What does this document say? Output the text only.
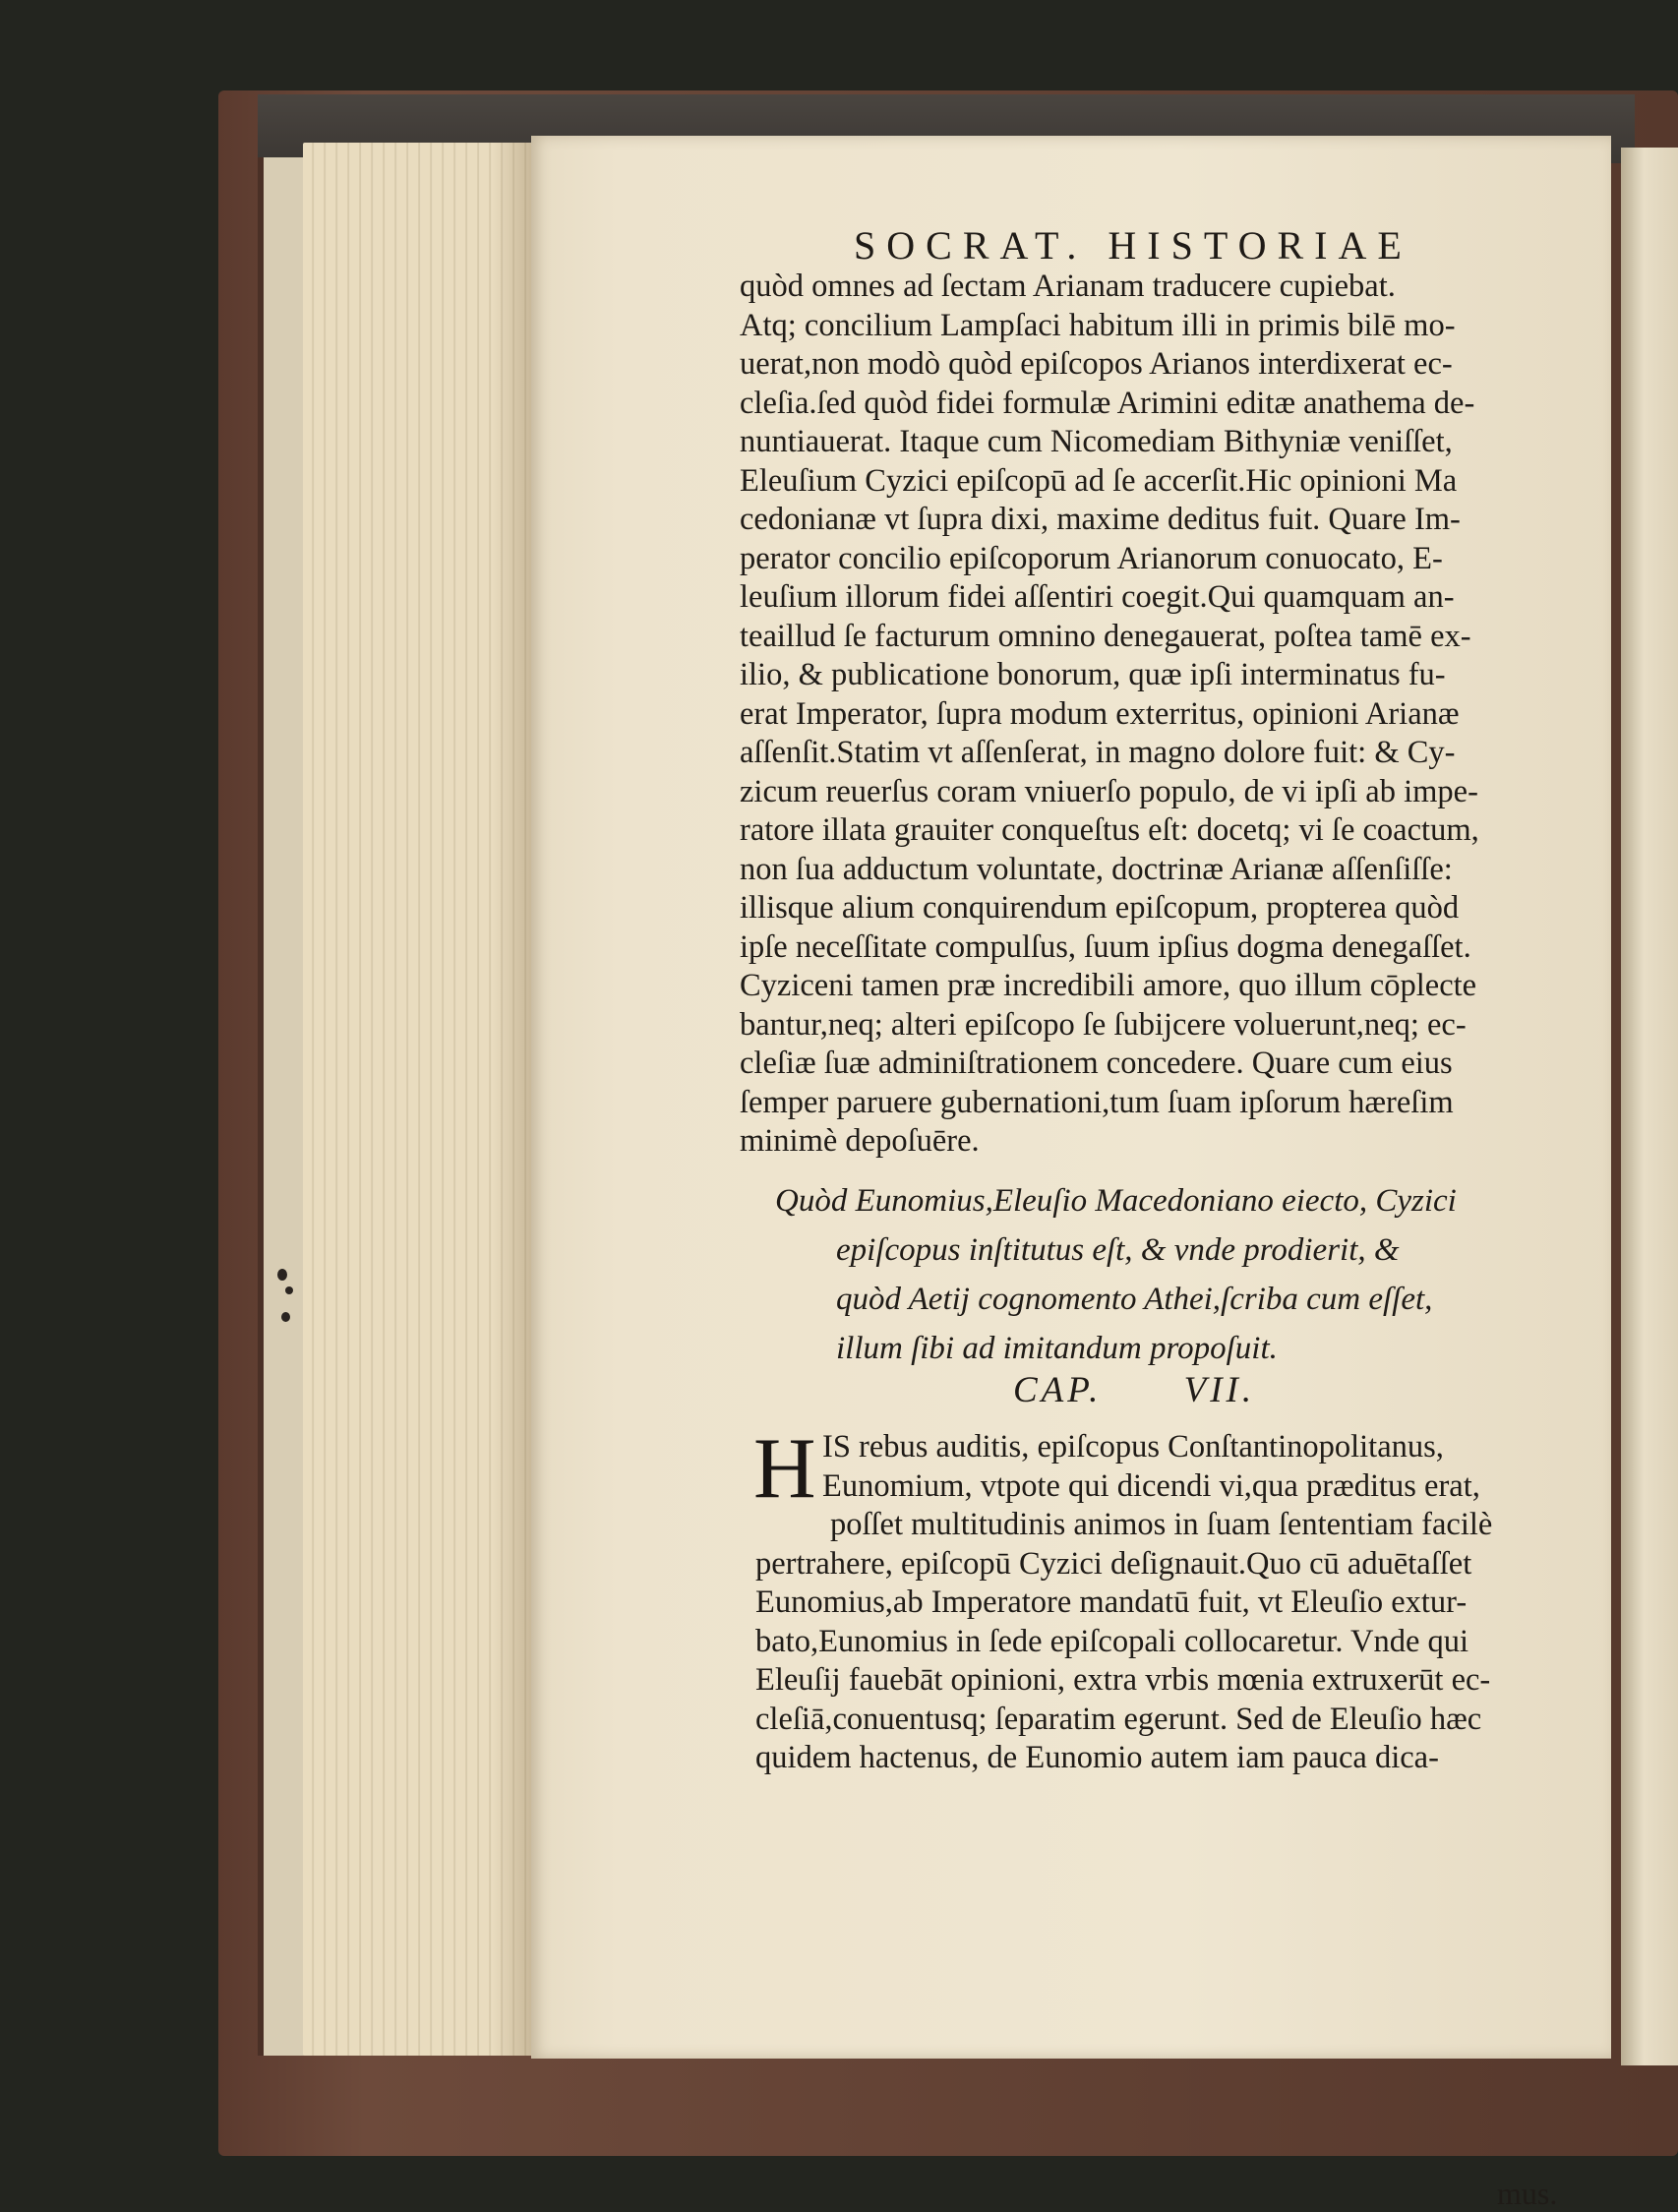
SOCRAT. HISTORIAE
quòd omnes ad ſectam Arianam traducere cupiebat.
Atq; concilium Lampſaci habitum illi in primis bilē mo-
uerat,non modò quòd epiſcopos Arianos interdixerat ec-
cleſia.ſed quòd fidei formulæ Arimini editæ anathema de-
nuntiauerat. Itaque cum Nicomediam Bithyniæ veniſſet,
Eleuſium Cyzici epiſcopū ad ſe accerſit.Hic opinioni Ma
cedonianæ vt ſupra dixi, maxime deditus fuit. Quare Im-
perator concilio epiſcoporum Arianorum conuocato, E-
leuſium illorum fidei aſſentiri coegit.Qui quamquam an-
teaillud ſe facturum omnino denegauerat, poſtea tamē ex-
ilio, & publicatione bonorum, quæ ipſi interminatus fu-
erat Imperator, ſupra modum exterritus, opinioni Arianæ
aſſenſit.Statim vt aſſenſerat, in magno dolore fuit: & Cy-
zicum reuerſus coram vniuerſo populo, de vi ipſi ab impe-
ratore illata grauiter conqueſtus eſt: docetq; vi ſe coactum,
non ſua adductum voluntate, doctrinæ Arianæ aſſenſiſſe:
illisque alium conquirendum epiſcopum, propterea quòd
ipſe neceſſitate compulſus, ſuum ipſius dogma denegaſſet.
Cyziceni tamen præ incredibili amore, quo illum cōplecte
bantur,neq; alteri epiſcopo ſe ſubijcere voluerunt,neq; ec-
cleſiæ ſuæ adminiſtrationem concedere. Quare cum eius
ſemper paruere gubernationi,tum ſuam ipſorum hæreſim
minimè depoſuēre.
Quòd Eunomius,Eleuſio Macedoniano eiecto, Cyzici
epiſcopus inſtitutus eſt, & vnde prodierit, &
quòd Aetij cognomento Athei,ſcriba cum eſſet,
illum ſibi ad imitandum propoſuit.
CAP. VII.
H IS rebus auditis, epiſcopus Conſtantinopolitanus,
Eunomium, vtpote qui dicendi vi,qua præditus erat,
poſſet multitudinis animos in ſuam ſententiam facilè
pertrahere, epiſcopū Cyzici deſignauit.Quo cū aduētaſſet
Eunomius,ab Imperatore mandatū fuit, vt Eleuſio extur-
bato,Eunomius in ſede epiſcopali collocaretur. Vnde qui
Eleuſij fauebāt opinioni, extra vrbis mœnia extruxerūt ec-
cleſiā,conuentusq; ſeparatim egerunt. Sed de Eleuſio hæc
quidem hactenus, de Eunomio autem iam pauca dica-
mus.
